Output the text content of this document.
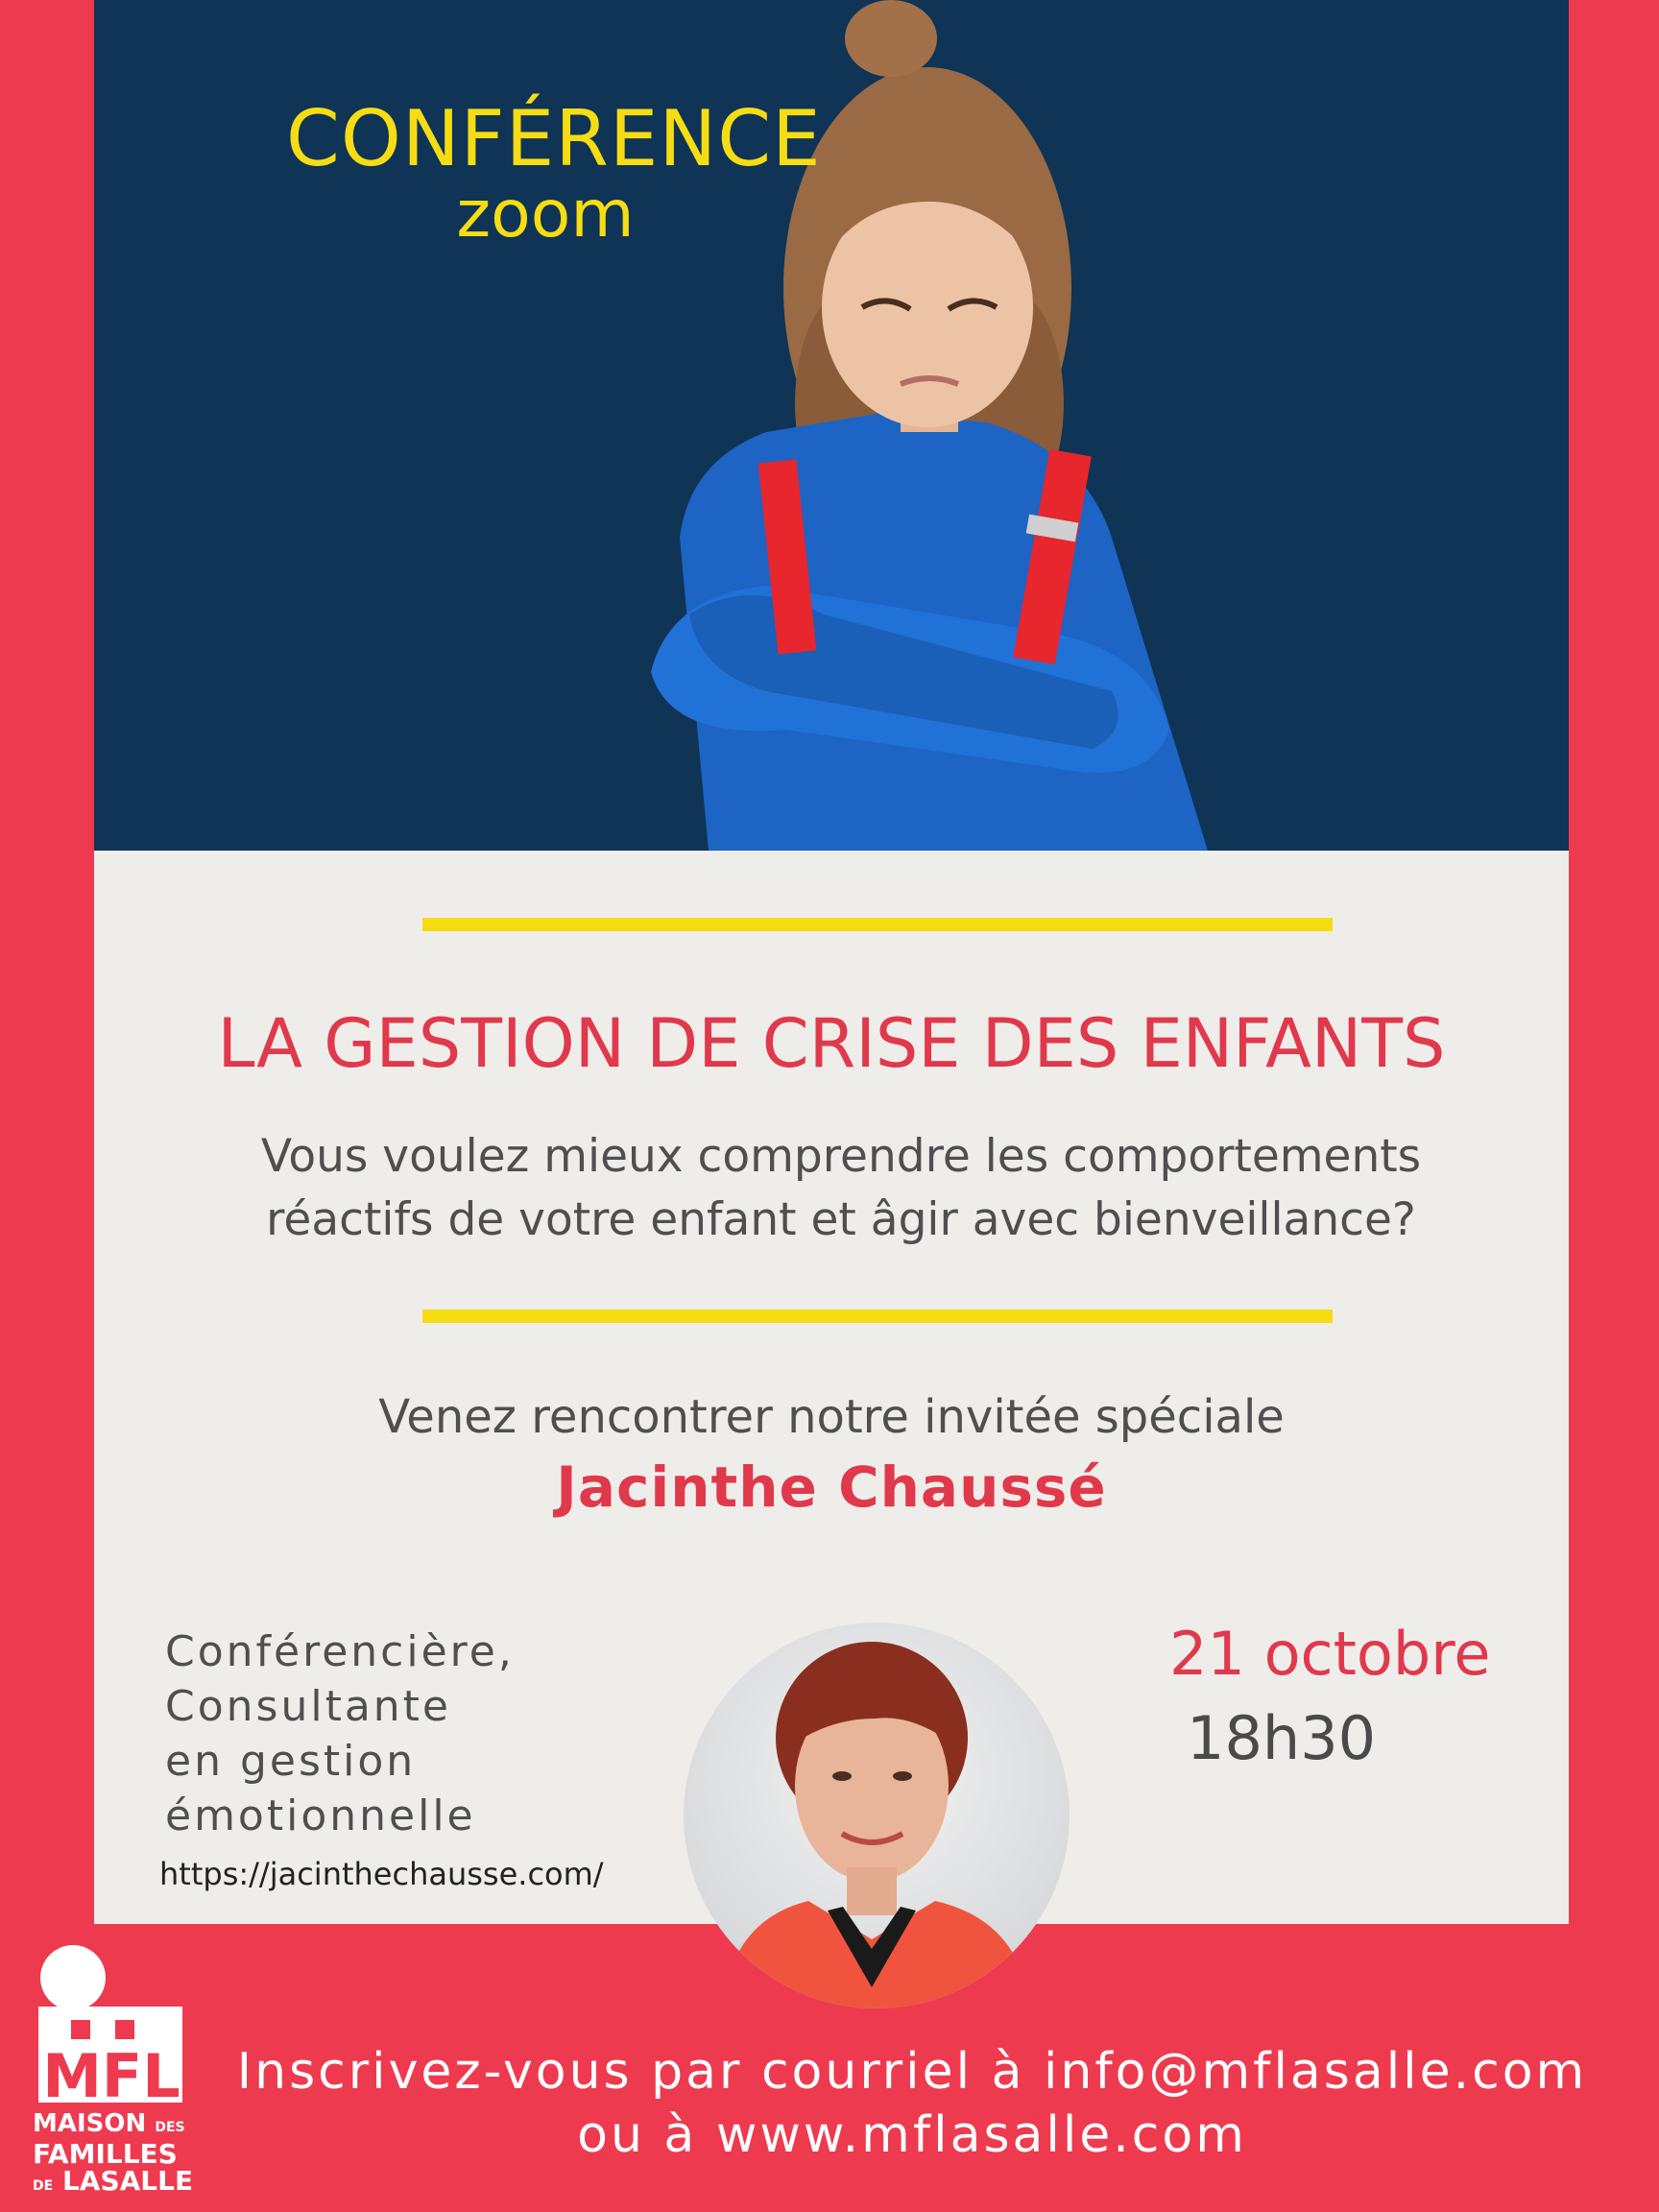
CONFÉRENCE
zoom
LA GESTION DE CRISE DES ENFANTS
Vous voulez mieux comprendre les comportements
réactifs de votre enfant et âgir avec bienveillance?
Venez rencontrer notre invitée spéciale
Jacinthe Chaussé
Conférencière,
Consultante
en gestion
émotionnelle
https://jacinthechausse.com/
21 octobre
18h30
MFL
MAISON DES
FAMILLES
DE LASALLE
Inscrivez-vous par courriel à info@mflasalle.com
ou à www.mflasalle.com
